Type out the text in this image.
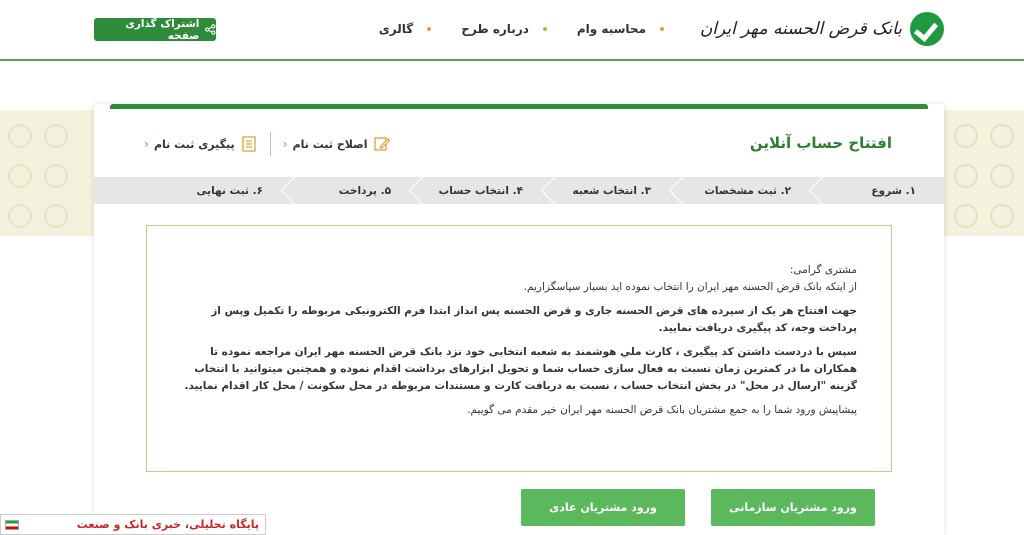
بانک قرض الحسنه مهر ایران
محاسبه وام
درباره طرح
گالری
اشتراک گذاری صفحه
افتتاح حساب آنلاین
اصلاح ثبت نام
‹
پیگیری ثبت نام
‹
۱. شروع
۲. ثبت مشخصات
۳. انتخاب شعبه
۴. انتخاب حساب
۵. پرداخت
۶. ثبت نهایی

مشتری گرامی:

از اینکه بانک قرض الحسنه مهر ایران را انتخاب نموده اید بسیار سپاسگزاریم.

جهت افتتاح هر یک از سپرده های قرض الحسنه جاری و قرض الحسنه پس انداز ابتدا فرم الکترونیکی مربوطه را تکمیل وپس از پرداخت وجه، کد پیگیری دریافت نمایید.

سپس با دردست داشتن کد پیگیری ، کارت ملي هوشمند به شعبه انتخابی خود نزد بانک قرض الحسنه مهر ایران مراجعه نموده تا همکاران ما در کمترین زمان نسبت به فعال سازی حساب شما و تحویل ابزارهای برداشت اقدام نموده و همچنین میتوانید با انتخاب گزینه "ارسال در محل" در بخش انتخاب حساب ، نسبت به دریافت کارت و مستندات مربوطه در محل سکونت / محل کار اقدام نمایید.

پیشاپیش ورود شما را به جمع مشتریان بانک قرض الحسنه مهر ایران خیر مقدم می گوییم.

ورود مشتریان سازمانی
ورود مشتریان عادی
پایگاه تحلیلی، خبری بانک و صنعت
